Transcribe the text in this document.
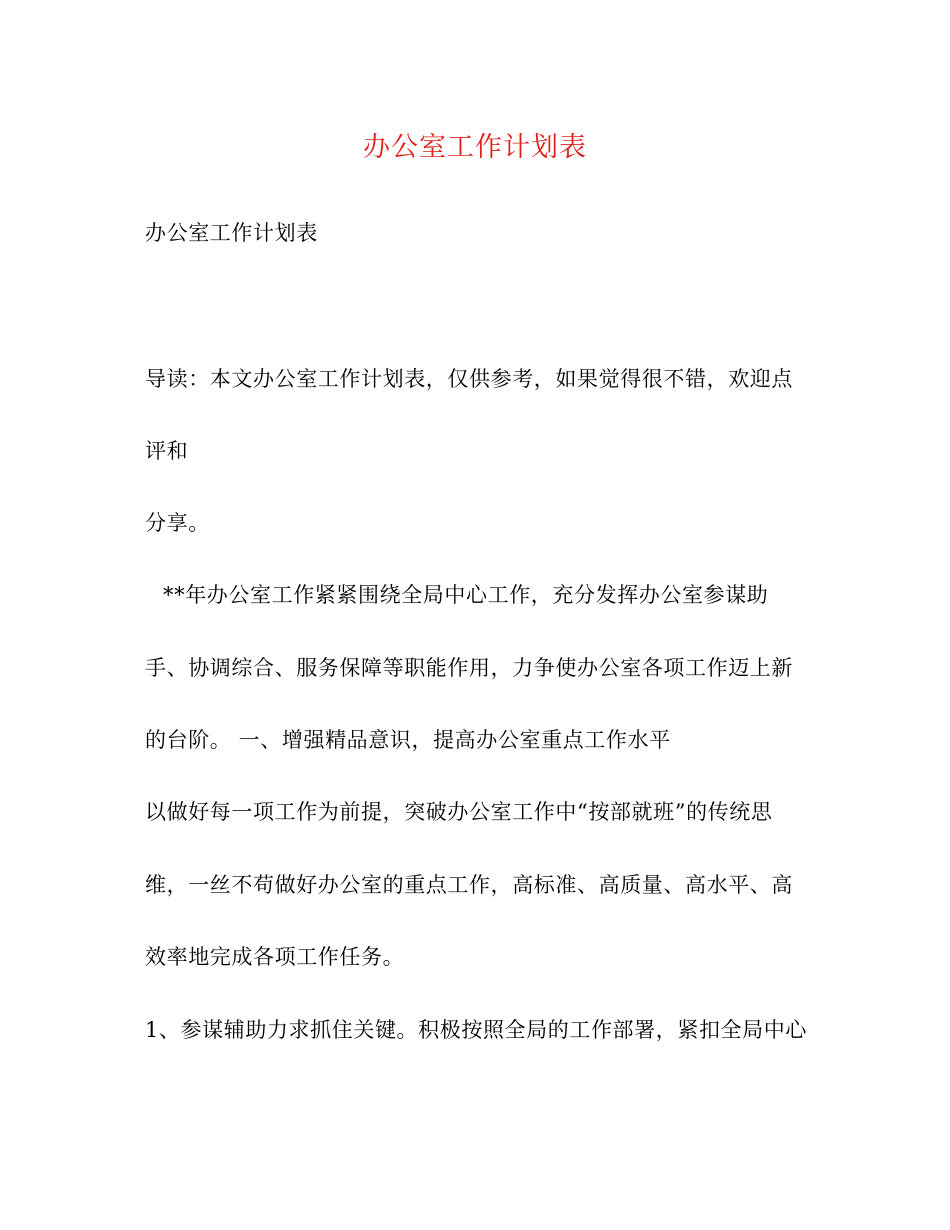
办公室工作计划表
办公室工作计划表
导读：本文办公室工作计划表，仅供参考，如果觉得很不错，欢迎点
评和
分享。
**年办公室工作紧紧围绕全局中心工作，充分发挥办公室参谋助
手、协调综合、服务保障等职能作用，力争使办公室各项工作迈上新
的台阶。 一、增强精品意识，提高办公室重点工作水平
以做好每一项工作为前提，突破办公室工作中“按部就班”的传统思
维，一丝不苟做好办公室的重点工作，高标准、高质量、高水平、高
效率地完成各项工作任务。
1、参谋辅助力求抓住关键。积极按照全局的工作部署，紧扣全局中心
